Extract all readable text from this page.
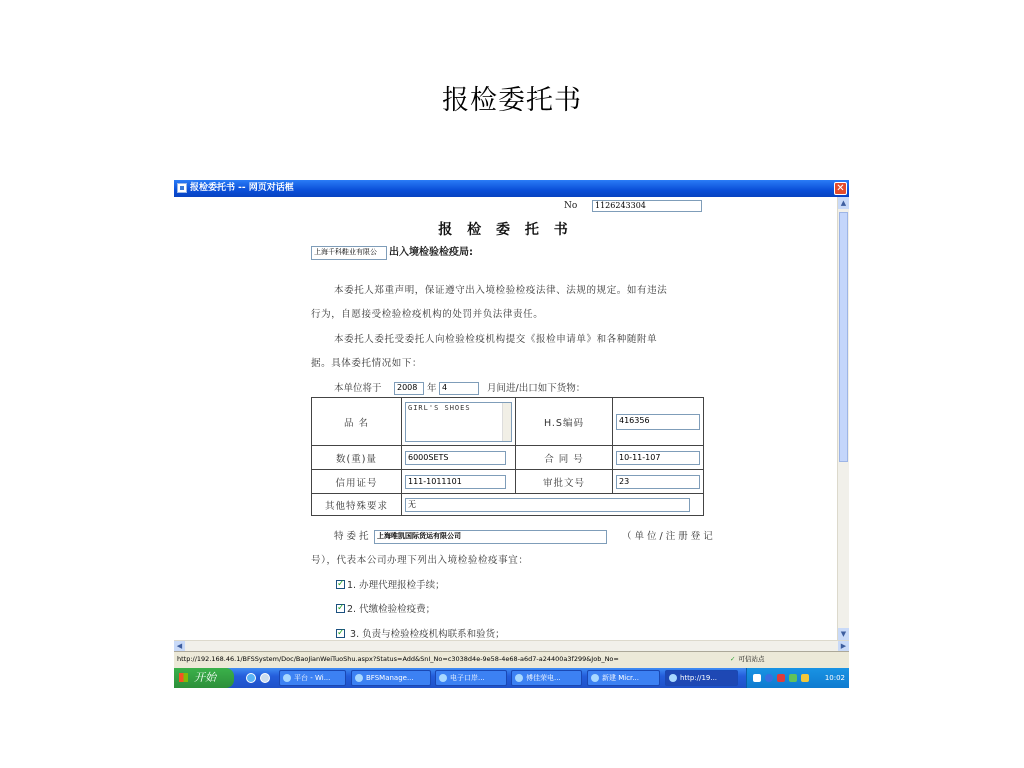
报检委托书
报检委托书 -- 网页对话框	✕
No	1126243304
报 检 委 托 书
上海千科鞋业有限公	出入境检验检疫局:
本委托人郑重声明，保证遵守出入境检验检疫法律、法规的规定。如有违法
行为，自愿接受检验检疫机构的处罚并负法律责任。
本委托人委托受委托人向检验检疫机构提交《报检申请单》和各种随附单
据。具体委托情况如下：
本单位将于	2008	年 4	月间进/出口如下货物：
品 名	GIRL'S SHOES	H.S编码	416356

数(重)量	6000SETS	合 同 号	10-11-107

信用证号	111-1011101	审批文号	23

其他特殊要求	无		
特 委 托	上海唯凯国际货运有限公司	（单位/注册登记
号），代表本公司办理下列出入境检验检疫事宜：
✓1. 办理代理报检手续；
✓2. 代缴检验检疫费；
✓ 3. 负责与检验检疫机构联系和验货；
▲
▼
◀	▶
http://192.168.46.1/BFSSystem/Doc/BaoJianWeiTuoShu.aspx?Status=Add&SnI_No=c3038d4e-9e58-4e68-a6d7-a24400a3f299&Job_No=	✓ 可信站点
开始	平台 - Wi...	BFSManage...	电子口岸...	傅佳荣电...	新建 Micr...	http://19...	10:02
